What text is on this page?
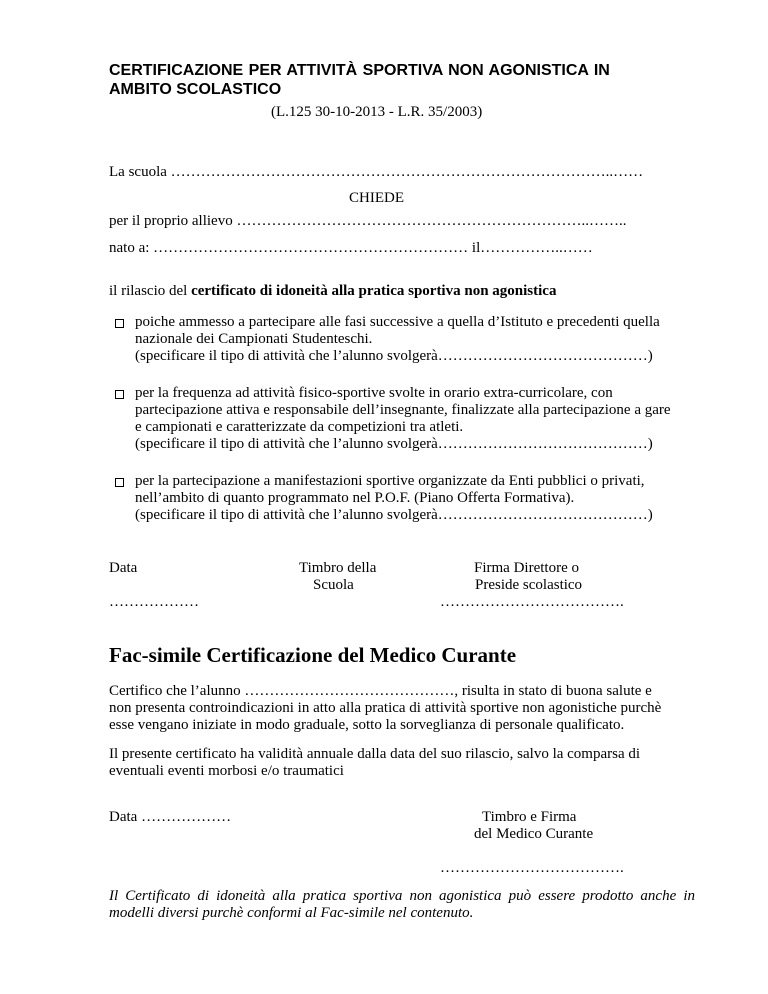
CERTIFICAZIONE PER ATTIVITÀ SPORTIVA NON AGONISTICA IN
AMBITO SCOLASTICO
(L.125 30-10-2013 - L.R. 35/2003)
La scuola ……………………………………………………………………………..……
CHIEDE
per il proprio allievo ……………………………………………………………..……..
nato a: ……………………………………………………… il……………..……
il rilascio del certificato di idoneità alla pratica sportiva non agonistica
poiche ammesso a partecipare alle fasi successive a quella d’Istituto e precedenti quella
nazionale dei Campionati Studenteschi.
(specificare il tipo di attività che l’alunno svolgerà……………………………………)
per la frequenza ad attività fisico-sportive svolte in orario extra-curricolare, con
partecipazione attiva e responsabile dell’insegnante, finalizzate alla partecipazione a gare
e campionati e caratterizzate da competizioni tra atleti.
(specificare il tipo di attività che l’alunno svolgerà……………………………………)
per la partecipazione a manifestazioni sportive organizzate da Enti pubblici o privati,
nell’ambito di quanto programmato nel P.O.F. (Piano Offerta Formativa).
(specificare il tipo di attività che l’alunno svolgerà……………………………………)
Data
………………
Timbro della
Scuola
Firma Direttore o
Preside scolastico
……………………………….
Fac-simile Certificazione del Medico Curante
Certifico che l’alunno ……………………………………, risulta in stato di buona salute e
non presenta controindicazioni in atto alla pratica di attività sportive non agonistiche purchè
esse vengano iniziate in modo graduale, sotto la sorveglianza di personale qualificato.
Il presente certificato ha validità annuale dalla data del suo rilascio, salvo la comparsa di
eventuali eventi morbosi e/o traumatici
Data ………………	Timbro e Firma
del Medico Curante
……………………………….
Il Certificato di idoneità alla pratica sportiva non agonistica può essere prodotto anche in
modelli diversi purchè conformi al Fac-simile nel contenuto.
